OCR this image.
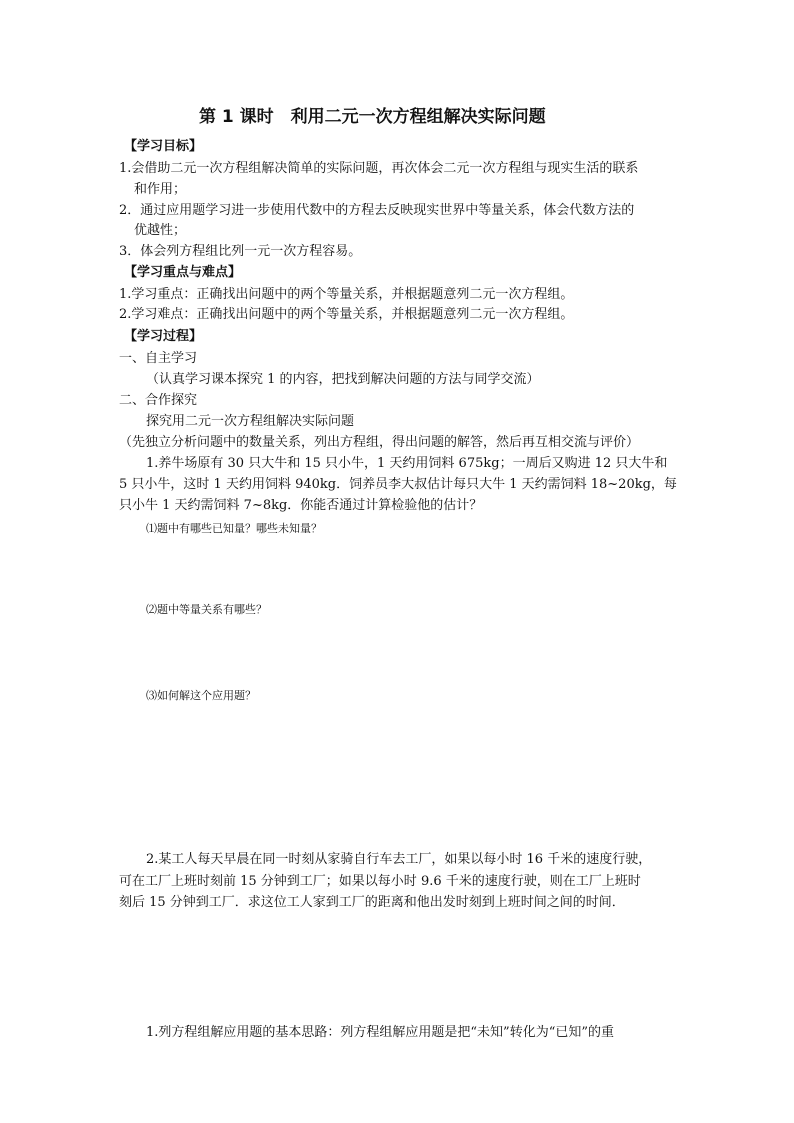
第 1 课时　利用二元一次方程组解决实际问题
【学习目标】
1.会借助二元一次方程组解决简单的实际问题，再次体会二元一次方程组与现实生活的联系
和作用；
2．通过应用题学习进一步使用代数中的方程去反映现实世界中等量关系，体会代数方法的
优越性；
3．体会列方程组比列一元一次方程容易。
【学习重点与难点】
1.学习重点：正确找出问题中的两个等量关系，并根据题意列二元一次方程组。
2.学习难点：正确找出问题中的两个等量关系，并根据题意列二元一次方程组。
【学习过程】
一、自主学习
（认真学习课本探究 1 的内容，把找到解决问题的方法与同学交流）
二、合作探究
探究用二元一次方程组解决实际问题
（先独立分析问题中的数量关系，列出方程组，得出问题的解答，然后再互相交流与评价）
1.养牛场原有 30 只大牛和 15 只小牛，1 天约用饲料 675kg；一周后又购进 12 只大牛和
5 只小牛，这时 1 天约用饲料 940kg．饲养员李大叔估计每只大牛 1 天约需饲料 18~20kg，每
只小牛 1 天约需饲料 7~8kg．你能否通过计算检验他的估计？
⑴题中有哪些已知量？哪些未知量？
⑵题中等量关系有哪些？
⑶如何解这个应用题？
2.某工人每天早晨在同一时刻从家骑自行车去工厂，如果以每小时 16 千米的速度行驶，
可在工厂上班时刻前 15 分钟到工厂；如果以每小时 9.6 千米的速度行驶，则在工厂上班时
刻后 15 分钟到工厂．求这位工人家到工厂的距离和他出发时刻到上班时间之间的时间．
1.列方程组解应用题的基本思路：列方程组解应用题是把“未知”转化为“已知”的重
